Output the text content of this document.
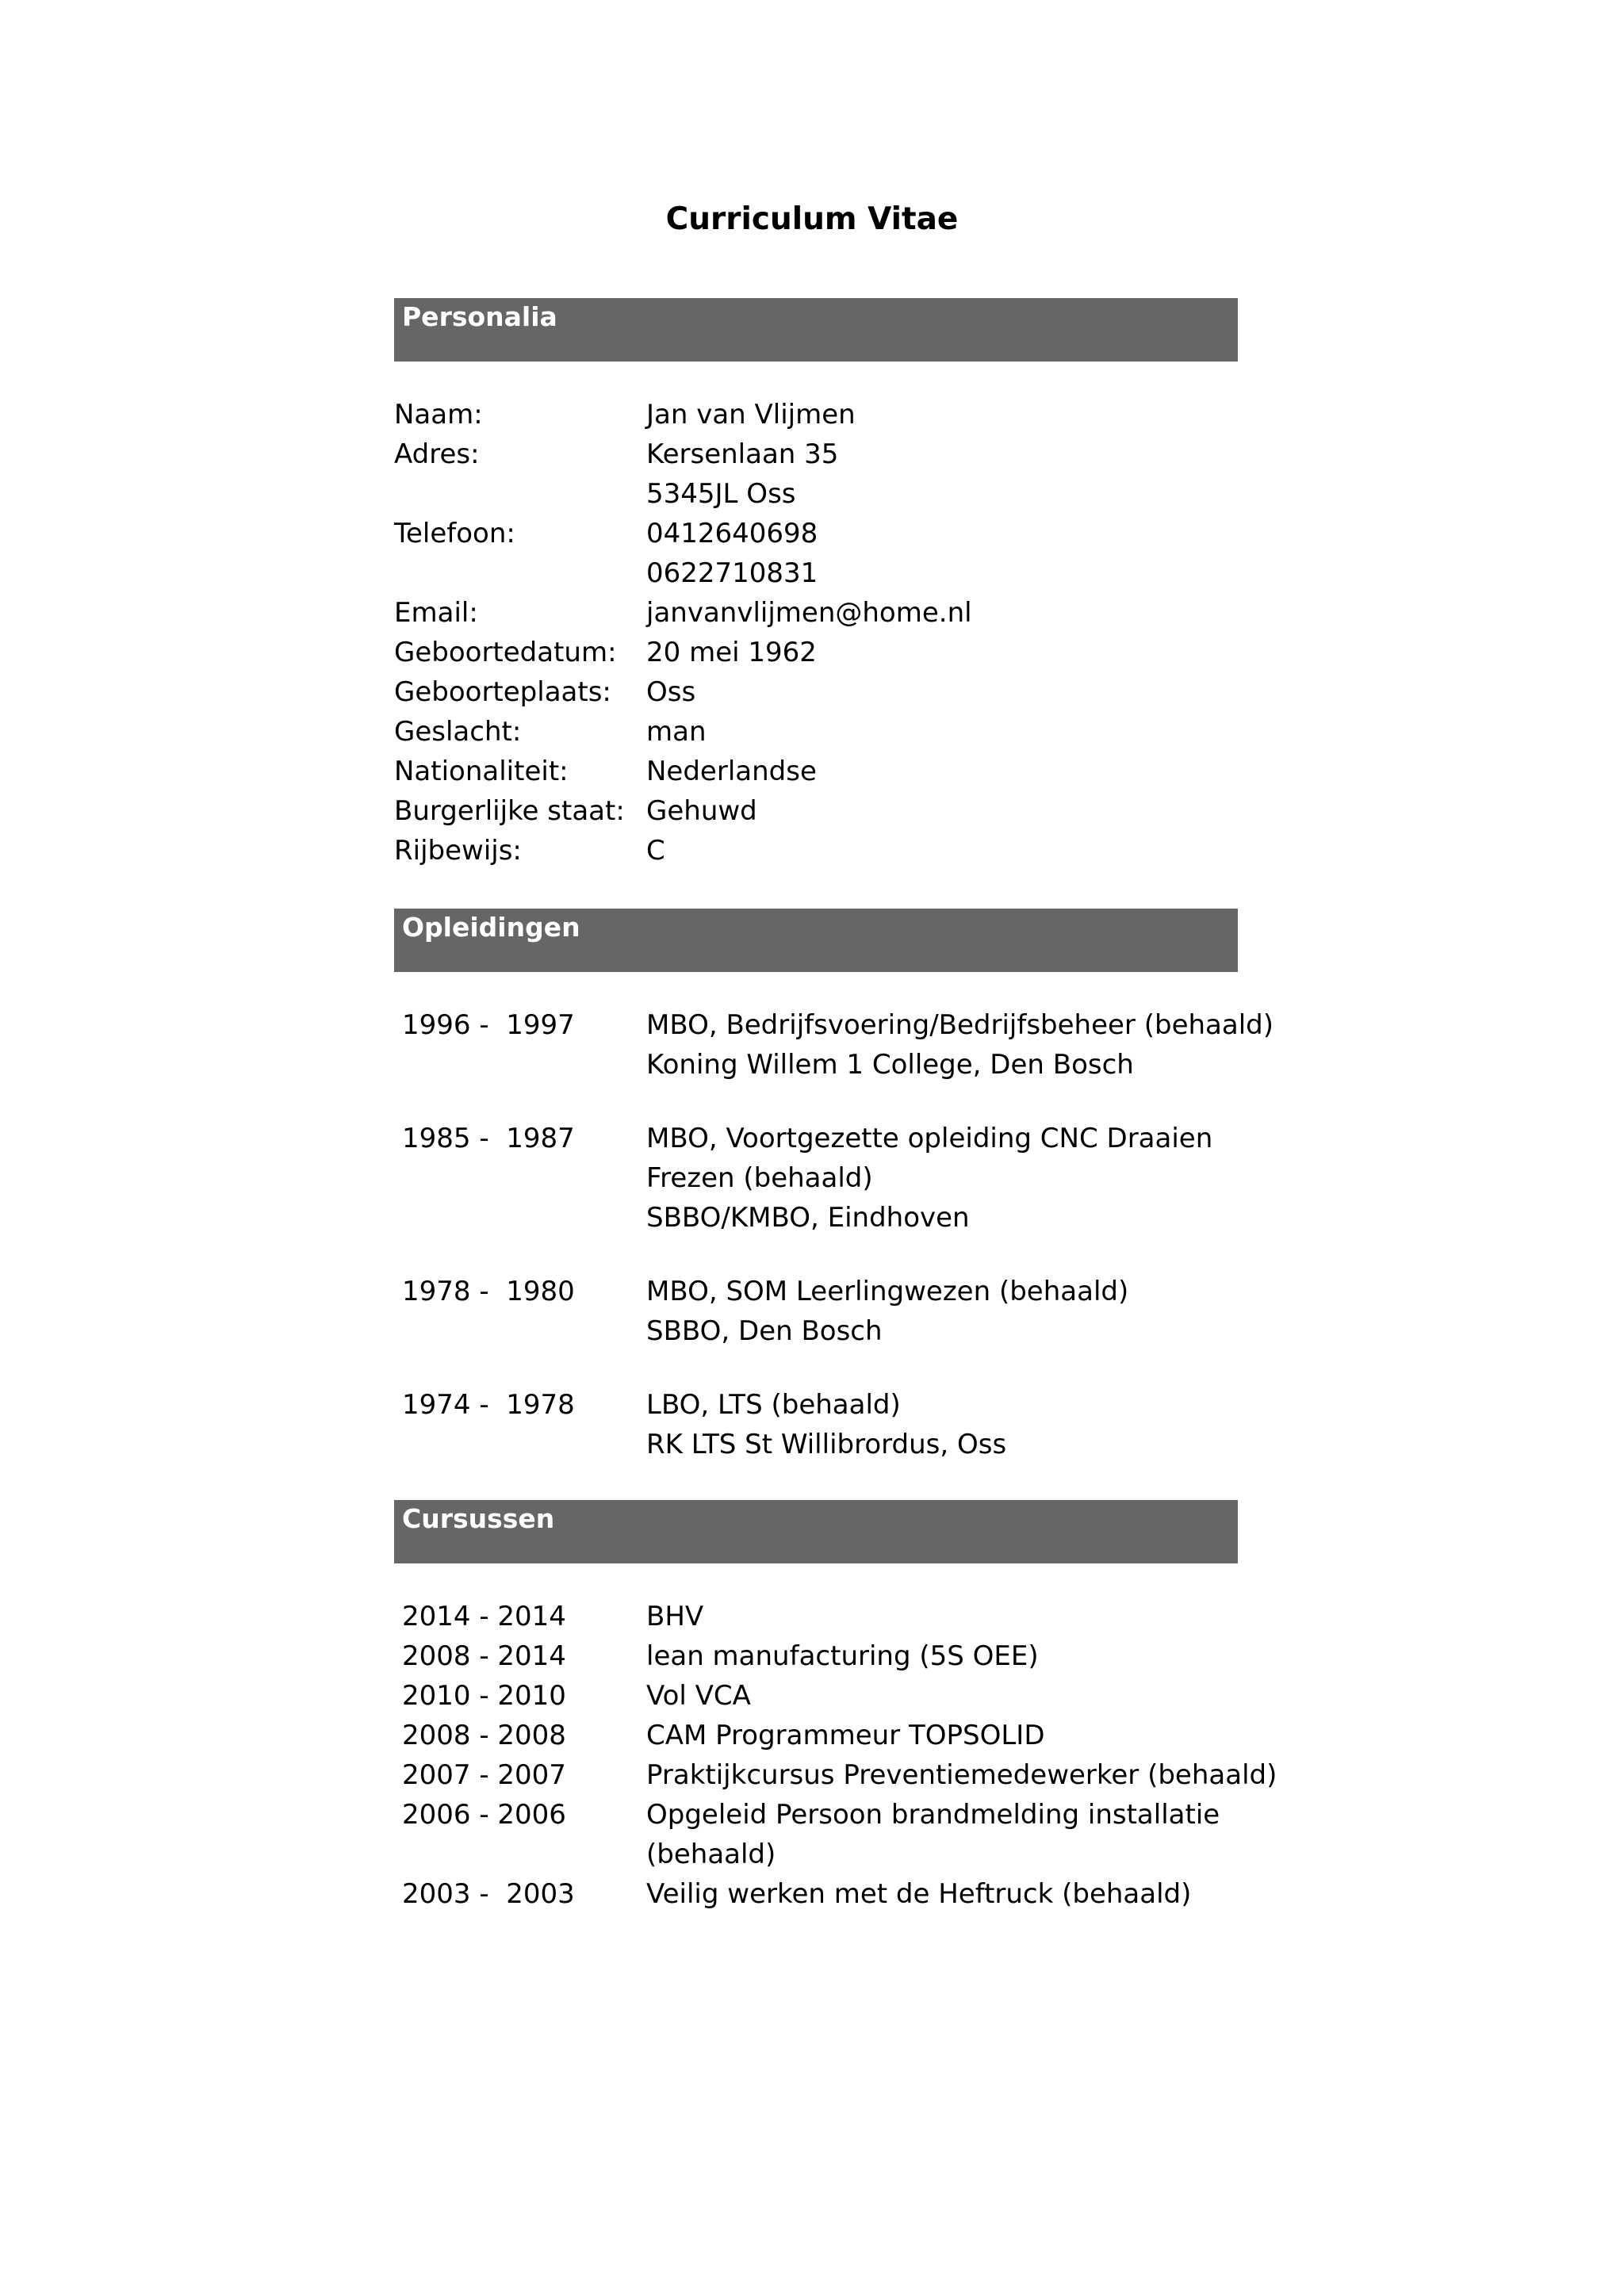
Curriculum Vitae
Personalia
Naam:	Jan van Vlijmen
Adres:	Kersenlaan 35
5345JL Oss
Telefoon:	0412640698
0622710831
Email:	janvanvlijmen@home.nl
Geboortedatum: 20 mei 1962
Geboorteplaats: Oss
Geslacht:	man
Nationaliteit:	Nederlandse
Burgerlijke staat: Gehuwd
Rijbewijs:	C
Opleidingen
1996 -  1997	MBO, Bedrijfsvoering/Bedrijfsbeheer (behaald)
Koning Willem 1 College, Den Bosch
1985 -  1987	MBO, Voortgezette opleiding CNC Draaien
Frezen (behaald)
SBBO/KMBO, Eindhoven
1978 -  1980	MBO, SOM Leerlingwezen (behaald)
SBBO, Den Bosch
1974 -  1978	LBO, LTS (behaald)
RK LTS St Willibrordus, Oss
Cursussen
2014 - 2014	BHV
2008 - 2014	lean manufacturing (5S OEE)
2010 - 2010	Vol VCA
2008 - 2008	CAM Programmeur TOPSOLID
2007 - 2007	Praktijkcursus Preventiemedewerker (behaald)
2006 - 2006	Opgeleid Persoon brandmelding installatie
(behaald)
2003 -  2003	Veilig werken met de Heftruck (behaald)
